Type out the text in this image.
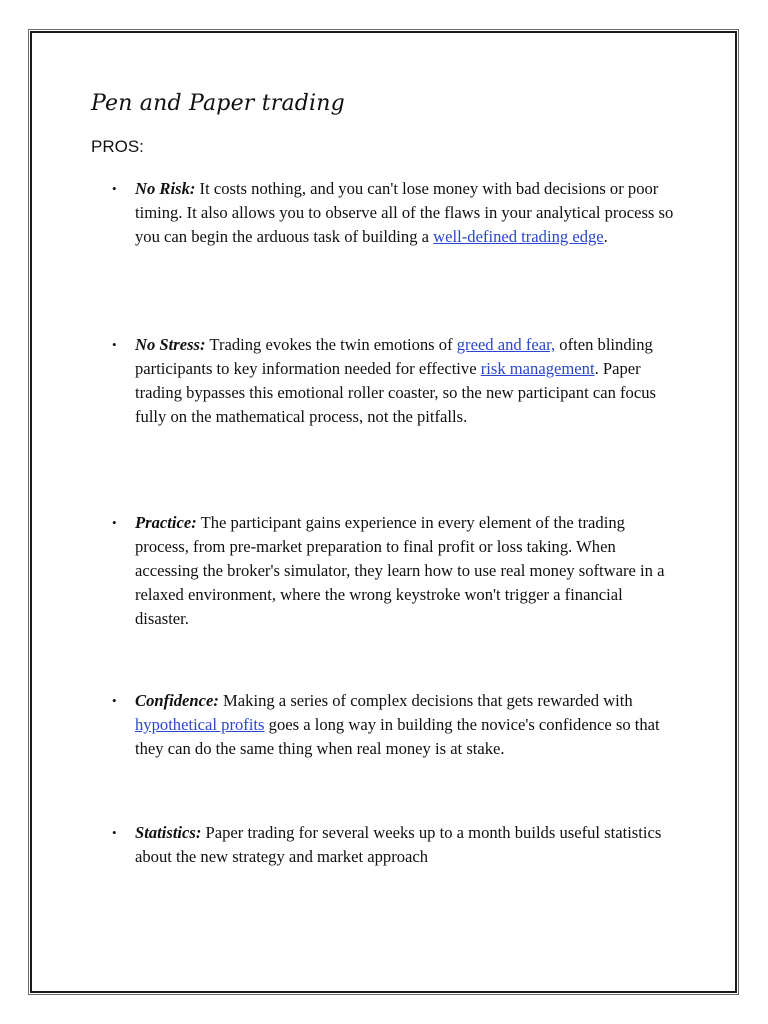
Pen and Paper trading

PROS:

• No Risk: It costs nothing, and you can't lose money with bad decisions or poor timing. It also allows you to observe all of the flaws in your analytical process so you can begin the arduous task of building a well-defined trading edge.
• No Stress: Trading evokes the twin emotions of greed and fear, often blinding participants to key information needed for effective risk management. Paper trading bypasses this emotional roller coaster, so the new participant can focus fully on the mathematical process, not the pitfalls.
• Practice: The participant gains experience in every element of the trading process, from pre-market preparation to final profit or loss taking. When accessing the broker's simulator, they learn how to use real money software in a relaxed environment, where the wrong keystroke won't trigger a financial disaster.
• Confidence: Making a series of complex decisions that gets rewarded with hypothetical profits goes a long way in building the novice's confidence so that they can do the same thing when real money is at stake.
• Statistics: Paper trading for several weeks up to a month builds useful statistics about the new strategy and market approach
